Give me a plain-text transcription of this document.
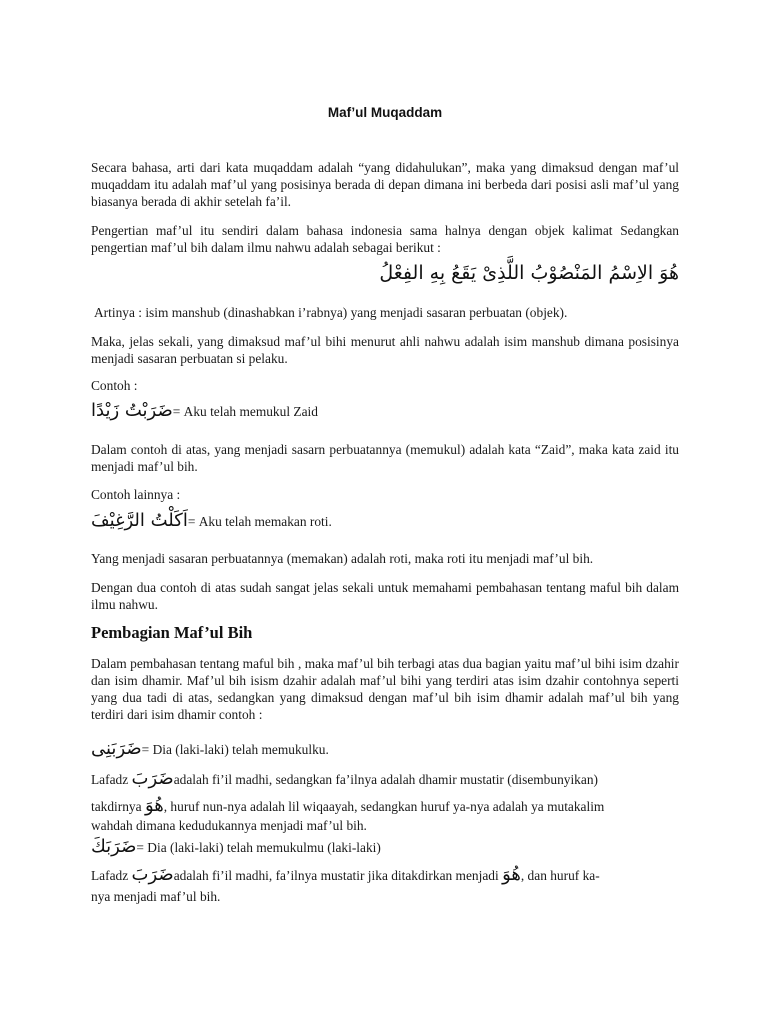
Maf’ul Muqaddam

Secara bahasa, arti dari kata muqaddam adalah “yang didahulukan”, maka yang dimaksud dengan maf’ul muqaddam itu adalah maf’ul yang posisinya berada di depan dimana ini berbeda dari posisi asli maf’ul yang biasanya berada di akhir setelah fa’il.

Pengertian maf’ul itu sendiri dalam bahasa indonesia sama halnya dengan objek kalimat Sedangkan pengertian maf’ul bih dalam ilmu nahwu adalah sebagai berikut :

هُوَ الاِسْمُ المَنْصُوْبُ اللَّذِىْ يَقَعُ بِهِ الفِعْلُ

Artinya : isim manshub (dinashabkan i’rabnya) yang menjadi sasaran perbuatan (objek).

Maka, jelas sekali, yang dimaksud maf’ul bihi menurut ahli nahwu adalah isim manshub dimana posisinya menjadi sasaran perbuatan si pelaku.

Contoh :

ضَرَبْتُ زَيْدًا= Aku telah memukul Zaid

Dalam contoh di atas, yang menjadi sasarn perbuatannya (memukul) adalah kata “Zaid”, maka kata zaid itu menjadi maf’ul bih.

Contoh lainnya :

اَكَلْتُ الرَّغِيْفَ= Aku telah memakan roti.

Yang menjadi sasaran perbuatannya (memakan) adalah roti, maka roti itu menjadi maf’ul bih.

Dengan dua contoh di atas sudah sangat jelas sekali untuk memahami pembahasan tentang maful bih dalam ilmu nahwu.

Pembagian Maf’ul Bih

Dalam pembahasan tentang maful bih , maka maf’ul bih terbagi atas dua bagian yaitu maf’ul bihi isim dzahir dan isim dhamir. Maf’ul bih isism dzahir adalah maf’ul bihi yang terdiri atas isim dzahir contohnya seperti yang dua tadi di atas, sedangkan yang dimaksud dengan maf’ul bih isim dhamir adalah maf’ul bih yang terdiri dari isim dhamir contoh :

ضَرَبَنِى= Dia (laki-laki) telah memukulku.
Lafadz ضَرَبَadalah fi’il madhi, sedangkan fa’ilnya adalah dhamir mustatir (disembunyikan)
takdirnya هُوَ, huruf nun-nya adalah lil wiqaayah, sedangkan huruf ya-nya adalah ya mutakalim
wahdah dimana kedudukannya menjadi maf’ul bih.
ضَرَبَكَ= Dia (laki-laki) telah memukulmu (laki-laki)
Lafadz ضَرَبَadalah fi’il madhi, fa’ilnya mustatir jika ditakdirkan menjadi هُوَ, dan huruf ka-
nya menjadi maf’ul bih.
